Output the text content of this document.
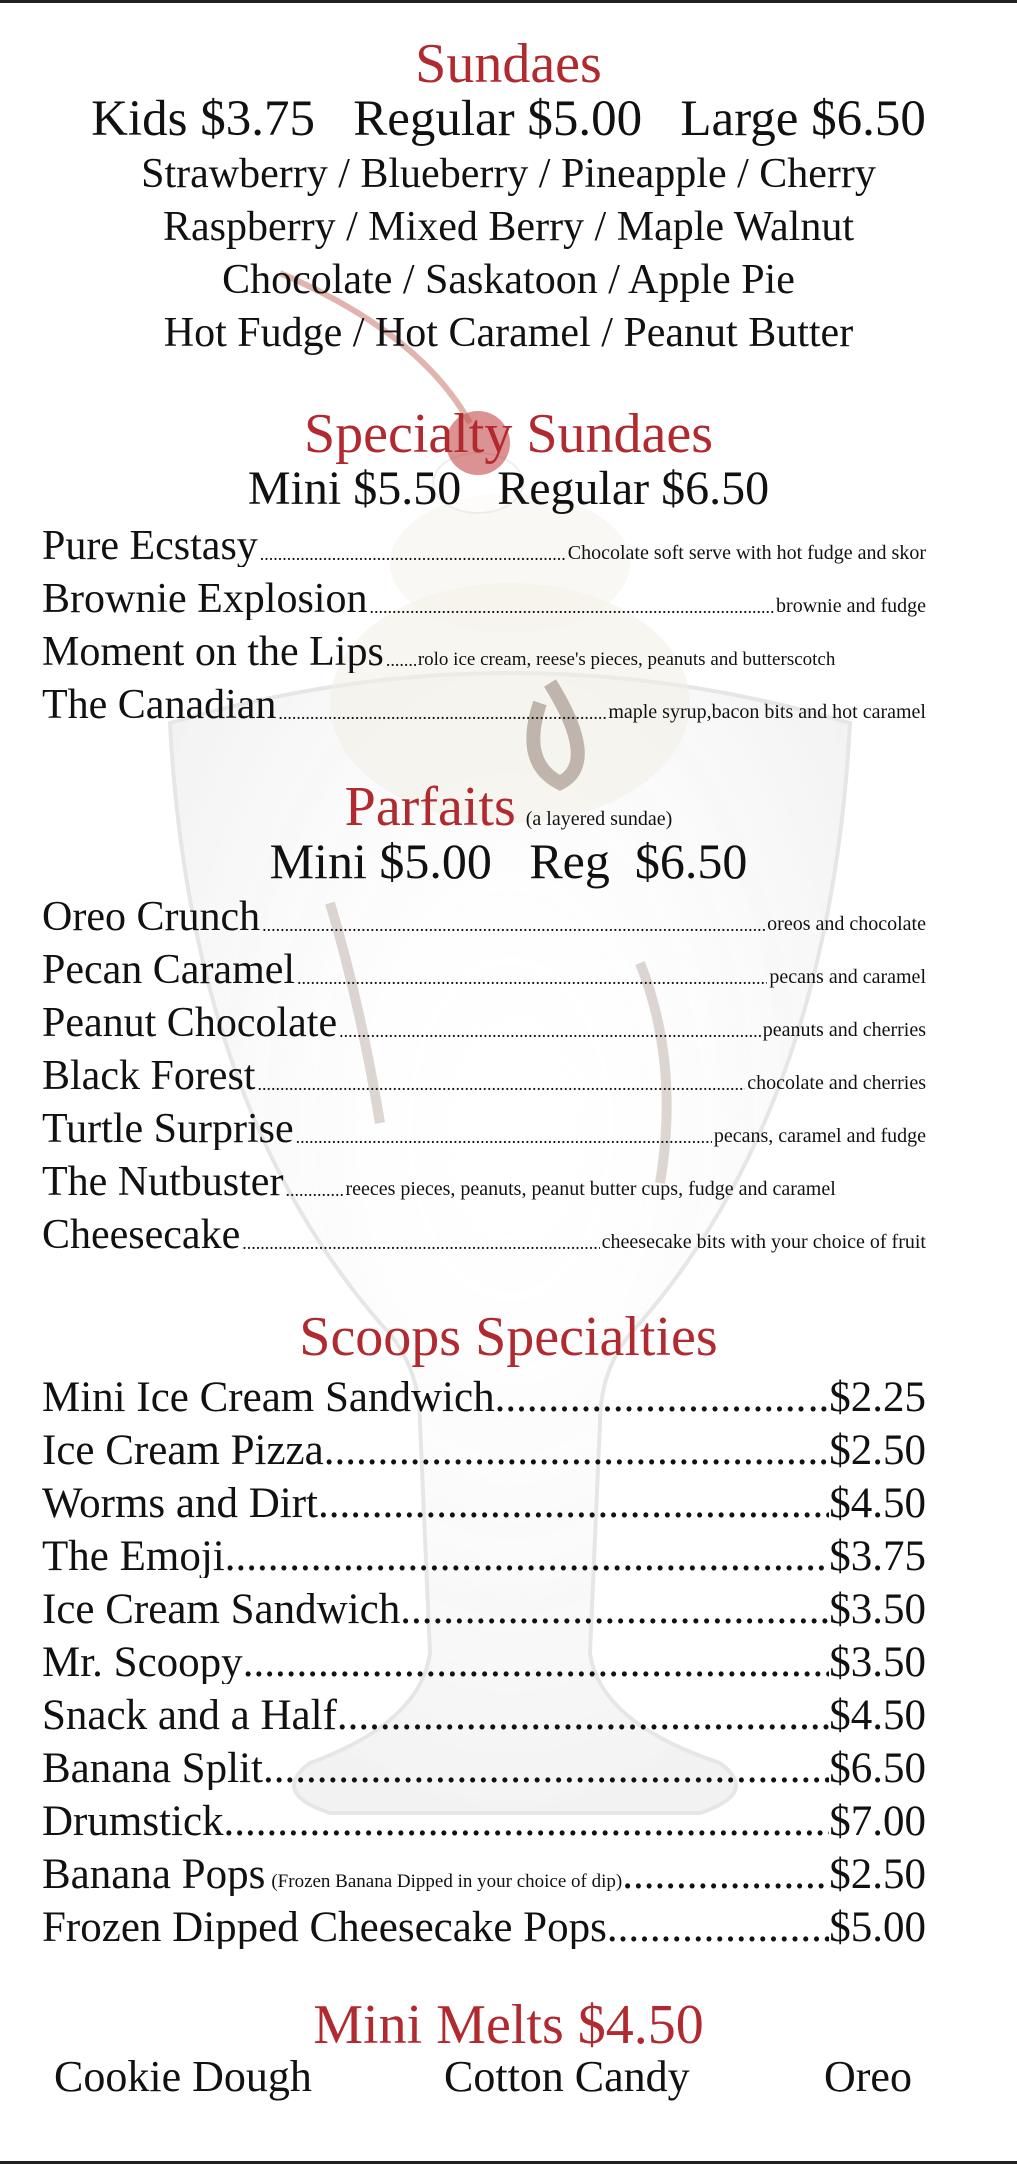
Sundaes
Kids $3.75   Regular $5.00   Large $6.50
Strawberry / Blueberry / Pineapple / Cherry
Raspberry / Mixed Berry / Maple Walnut
Chocolate / Saskatoon / Apple Pie
Hot Fudge / Hot Caramel / Peanut Butter
Specialty Sundaes
Mini $5.50   Regular $6.50
Pure Ecstasy .....	Chocolate soft serve with hot fudge and skor
Brownie Explosion .....	brownie and fudge
Moment on the Lips ..... rolo ice cream, reese's pieces, peanuts and butterscotch
The Canadian .....	maple syrup,bacon bits and hot caramel
Parfaits (a layered sundae)
Mini $5.00   Reg  $6.50
Oreo Crunch .....	oreos and chocolate
Pecan Caramel .....	pecans and caramel
Peanut Chocolate .....	peanuts and cherries
Black Forest .....	chocolate and cherries
Turtle Surprise .....	pecans, caramel and fudge
The Nutbuster .....	reeces pieces, peanuts, peanut butter cups, fudge and caramel
Cheesecake .....	cheesecake bits with your choice of fruit
Scoops Specialties
Mini Ice Cream Sandwich .....	..$2.25
Ice Cream Pizza .....	$2.50
Worms and Dirt .....	$4.50
The Emoji .....	$3.75
Ice Cream Sandwich .....	$3.50
Mr. Scoopy .....	$3.50
Snack and a Half .....	$4.50
Banana Split .....	$6.50
Drumstick .....	$7.00
Banana Pops (Frozen Banana Dipped in your choice of dip) .....	$2.50
Frozen Dipped Cheesecake Pops .....	$5.00
Mini Melts $4.50
Cookie Dough	Cotton Candy	Oreo
